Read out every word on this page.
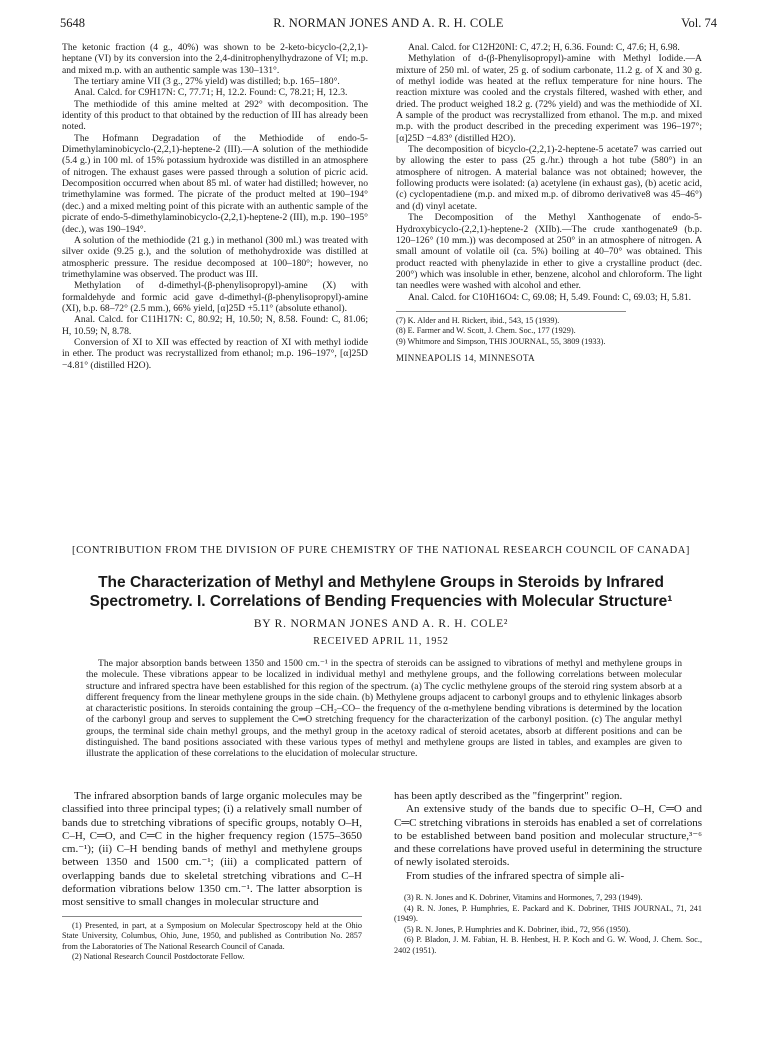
5648	R. NORMAN JONES AND A. R. H. COLE	Vol. 74

The ketonic fraction (4 g., 40%) was shown to be 2-keto-bicyclo-(2,2,1)-heptane (VI) by its conversion into the 2,4-dinitrophenylhydrazone of VI; m.p. and mixed m.p. with an authentic sample was 130–131°.

The tertiary amine VII (3 g., 27% yield) was distilled; b.p. 165–180°.

Anal. Calcd. for C9H17N: C, 77.71; H, 12.2. Found: C, 78.21; H, 12.3.

The methiodide of this amine melted at 292° with decomposition. The identity of this product to that obtained by the reduction of III has already been noted.

The Hofmann Degradation of the Methiodide of endo-5-Dimethylaminobicyclo-(2,2,1)-heptene-2 (III).—A solution of the methiodide (5.4 g.) in 100 ml. of 15% potassium hydroxide was distilled in an atmosphere of nitrogen. The exhaust gases were passed through a solution of picric acid. Decomposition occurred when about 85 ml. of water had distilled; however, no trimethylamine was formed. The picrate of the product melted at 190–194° (dec.) and a mixed melting point of this picrate with an authentic sample of the picrate of endo-5-dimethylaminobicyclo-(2,2,1)-heptene-2 (III), m.p. 190–195° (dec.), was 190–194°.

A solution of the methiodide (21 g.) in methanol (300 ml.) was treated with silver oxide (9.25 g.), and the solution of methohydroxide was distilled at atmospheric pressure. The residue decomposed at 100–180°; however, no trimethylamine was observed. The product was III.

Methylation of d-dimethyl-(β-phenylisopropyl)-amine (X) with formaldehyde and formic acid gave d-dimethyl-(β-phenylisopropyl)-amine (XI), b.p. 68–72° (2.5 mm.), 66% yield, [α]25D +5.11° (absolute ethanol).

Anal. Calcd. for C11H17N: C, 80.92; H, 10.50; N, 8.58. Found: C, 81.06; H, 10.59; N, 8.78.

Conversion of XI to XII was effected by reaction of XI with methyl iodide in ether. The product was recrystallized from ethanol; m.p. 196–197°, [α]25D −4.81° (distilled H2O).

Anal. Calcd. for C12H20NI: C, 47.2; H, 6.36. Found: C, 47.6; H, 6.98.

Methylation of d-(β-Phenylisopropyl)-amine with Methyl Iodide.—A mixture of 250 ml. of water, 25 g. of sodium carbonate, 11.2 g. of X and 30 g. of methyl iodide was heated at the reflux temperature for nine hours. The reaction mixture was cooled and the crystals filtered, washed with ether, and dried. The product weighed 18.2 g. (72% yield) and was the methiodide of XI. A sample of the product was recrystallized from ethanol. The m.p. and mixed m.p. with the product described in the preceding experiment was 196–197°; [α]25D −4.83° (distilled H2O).

The decomposition of bicyclo-(2,2,1)-2-heptene-5 acetate7 was carried out by allowing the ester to pass (25 g./hr.) through a hot tube (580°) in an atmosphere of nitrogen. A material balance was not obtained; however, the following products were isolated: (a) acetylene (in exhaust gas), (b) acetic acid, (c) cyclopentadiene (m.p. and mixed m.p. of dibromo derivative8 was 45–46°) and (d) vinyl acetate.

The Decomposition of the Methyl Xanthogenate of endo-5-Hydroxybicyclo-(2,2,1)-heptene-2 (XIIb).—The crude xanthogenate9 (b.p. 120–126° (10 mm.)) was decomposed at 250° in an atmosphere of nitrogen. A small amount of volatile oil (ca. 5%) boiling at 40–70° was obtained. This product reacted with phenylazide in ether to give a crystalline product (dec. 200°) which was insoluble in ether, benzene, alcohol and chloroform. The light tan needles were washed with alcohol and ether.

Anal. Calcd. for C10H16O4: C, 69.08; H, 5.49. Found: C, 69.03; H, 5.81.

(7) K. Alder and H. Rickert, ibid., 543, 15 (1939).
(8) E. Farmer and W. Scott, J. Chem. Soc., 177 (1929).
(9) Whitmore and Simpson, THIS JOURNAL, 55, 3809 (1933).
MINNEAPOLIS 14, MINNESOTA
[CONTRIBUTION FROM THE DIVISION OF PURE CHEMISTRY OF THE NATIONAL RESEARCH COUNCIL OF CANADA]
The Characterization of Methyl and Methylene Groups in Steroids by Infrared Spectrometry. I. Correlations of Bending Frequencies with Molecular Structure¹
BY R. NORMAN JONES AND A. R. H. COLE²
RECEIVED APRIL 11, 1952

The major absorption bands between 1350 and 1500 cm.⁻¹ in the spectra of steroids can be assigned to vibrations of methyl and methylene groups in the molecule. These vibrations appear to be localized in individual methyl and methylene groups, and the following correlations between molecular structure and infrared spectra have been established for this region of the spectrum. (a) The cyclic methylene groups of the steroid ring system absorb at a different frequency from the linear methylene groups in the side chain. (b) Methylene groups adjacent to carbonyl groups and to ethylenic linkages absorb at characteristic positions. In steroids containing the group –CH₂–CO– the frequency of the α-methylene bending vibrations is determined by the location of the carbonyl group and serves to supplement the C═O stretching frequency for the characterization of the carbonyl position. (c) The angular methyl groups, the terminal side chain methyl groups, and the methyl group in the acetoxy radical of steroid acetates, absorb at different positions and can be distinguished. The band positions associated with these various types of methyl and methylene groups are listed in tables, and examples are given to illustrate the application of these correlations to the elucidation of molecular structure.

The infrared absorption bands of large organic molecules may be classified into three principal types; (i) a relatively small number of bands due to stretching vibrations of specific groups, notably O–H, C–H, C═O, and C═C in the higher frequency region (1575–3650 cm.⁻¹); (ii) C–H bending bands of methyl and methylene groups between 1350 and 1500 cm.⁻¹; (iii) a complicated pattern of overlapping bands due to skeletal stretching vibrations and C–H deformation vibrations below 1350 cm.⁻¹. The latter absorption is most sensitive to small changes in molecular structure and

(1) Presented, in part, at a Symposium on Molecular Spectroscopy held at the Ohio State University, Columbus, Ohio, June, 1950, and published as Contribution No. 2857 from the Laboratories of The National Research Council of Canada.
(2) National Research Council Postdoctorate Fellow.

has been aptly described as the "fingerprint" region.

An extensive study of the bands due to specific O–H, C═O and C═C stretching vibrations in steroids has enabled a set of correlations to be established between band position and molecular structure,³⁻⁶ and these correlations have proved useful in determining the structure of newly isolated steroids.

From studies of the infrared spectra of simple ali-

(3) R. N. Jones and K. Dobriner, Vitamins and Hormones, 7, 293 (1949).
(4) R. N. Jones, P. Humphries, E. Packard and K. Dobriner, THIS JOURNAL, 71, 241 (1949).
(5) R. N. Jones, P. Humphries and K. Dobriner, ibid., 72, 956 (1950).
(6) P. Bladon, J. M. Fabian, H. B. Henbest, H. P. Koch and G. W. Wood, J. Chem. Soc., 2402 (1951).
